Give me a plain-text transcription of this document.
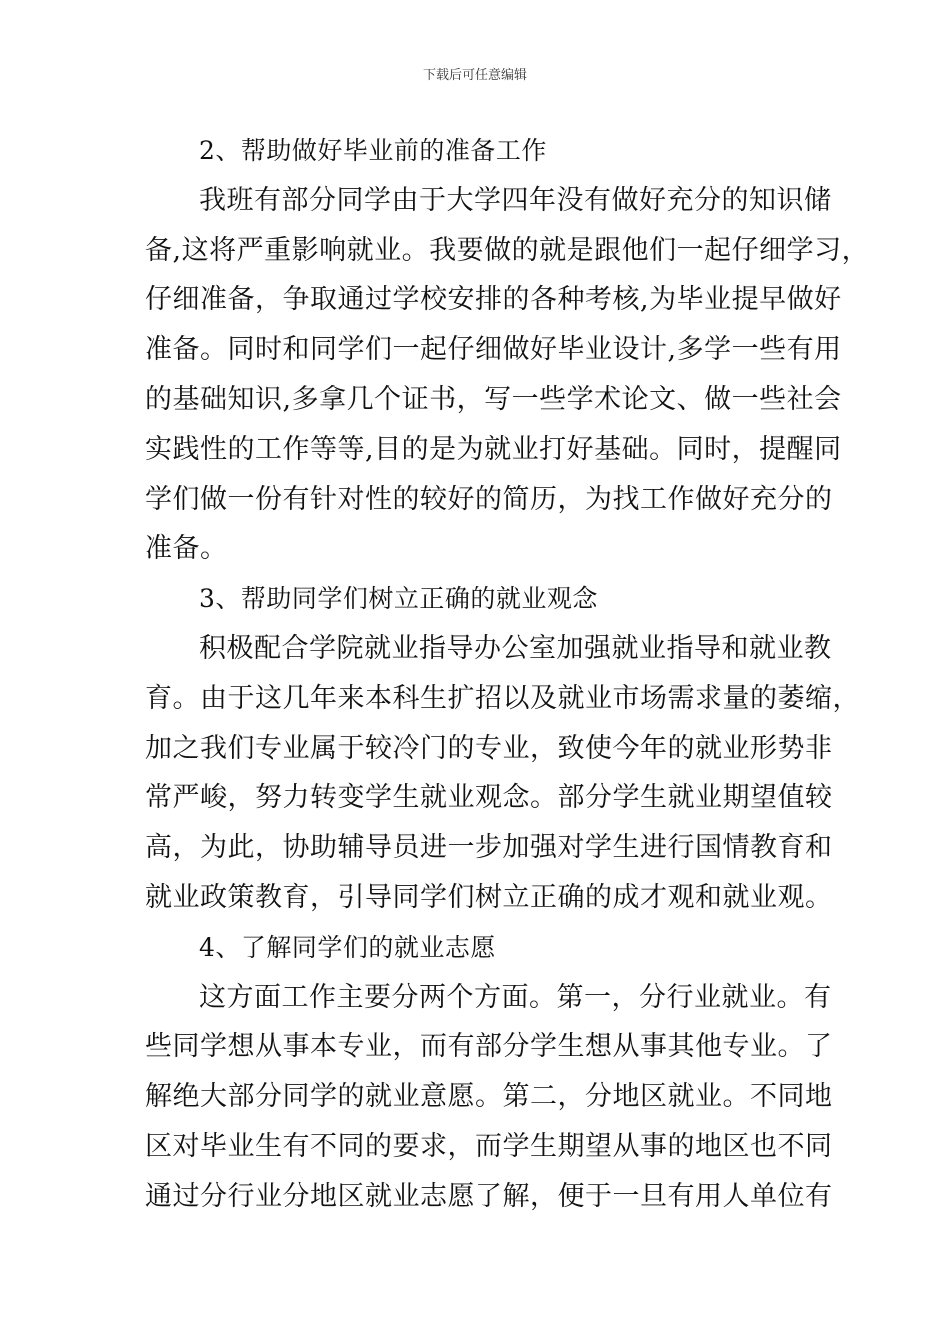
下载后可任意编辑
2、帮助做好毕业前的准备工作
我班有部分同学由于大学四年没有做好充分的知识储
备,这将严重影响就业。我要做的就是跟他们一起仔细学习，
仔细准备，争取通过学校安排的各种考核,为毕业提早做好
准备。同时和同学们一起仔细做好毕业设计,多学一些有用
的基础知识,多拿几个证书，写一些学术论文、做一些社会
实践性的工作等等,目的是为就业打好基础。同时，提醒同
学们做一份有针对性的较好的简历，为找工作做好充分的
准备。
3、帮助同学们树立正确的就业观念
积极配合学院就业指导办公室加强就业指导和就业教
育。由于这几年来本科生扩招以及就业市场需求量的萎缩，
加之我们专业属于较冷门的专业，致使今年的就业形势非
常严峻，努力转变学生就业观念。部分学生就业期望值较
高，为此，协助辅导员进一步加强对学生进行国情教育和
就业政策教育，引导同学们树立正确的成才观和就业观。
4、了解同学们的就业志愿
这方面工作主要分两个方面。第一，分行业就业。有
些同学想从事本专业，而有部分学生想从事其他专业。了
解绝大部分同学的就业意愿。第二，分地区就业。不同地
区对毕业生有不同的要求，而学生期望从事的地区也不同
通过分行业分地区就业志愿了解，便于一旦有用人单位有
